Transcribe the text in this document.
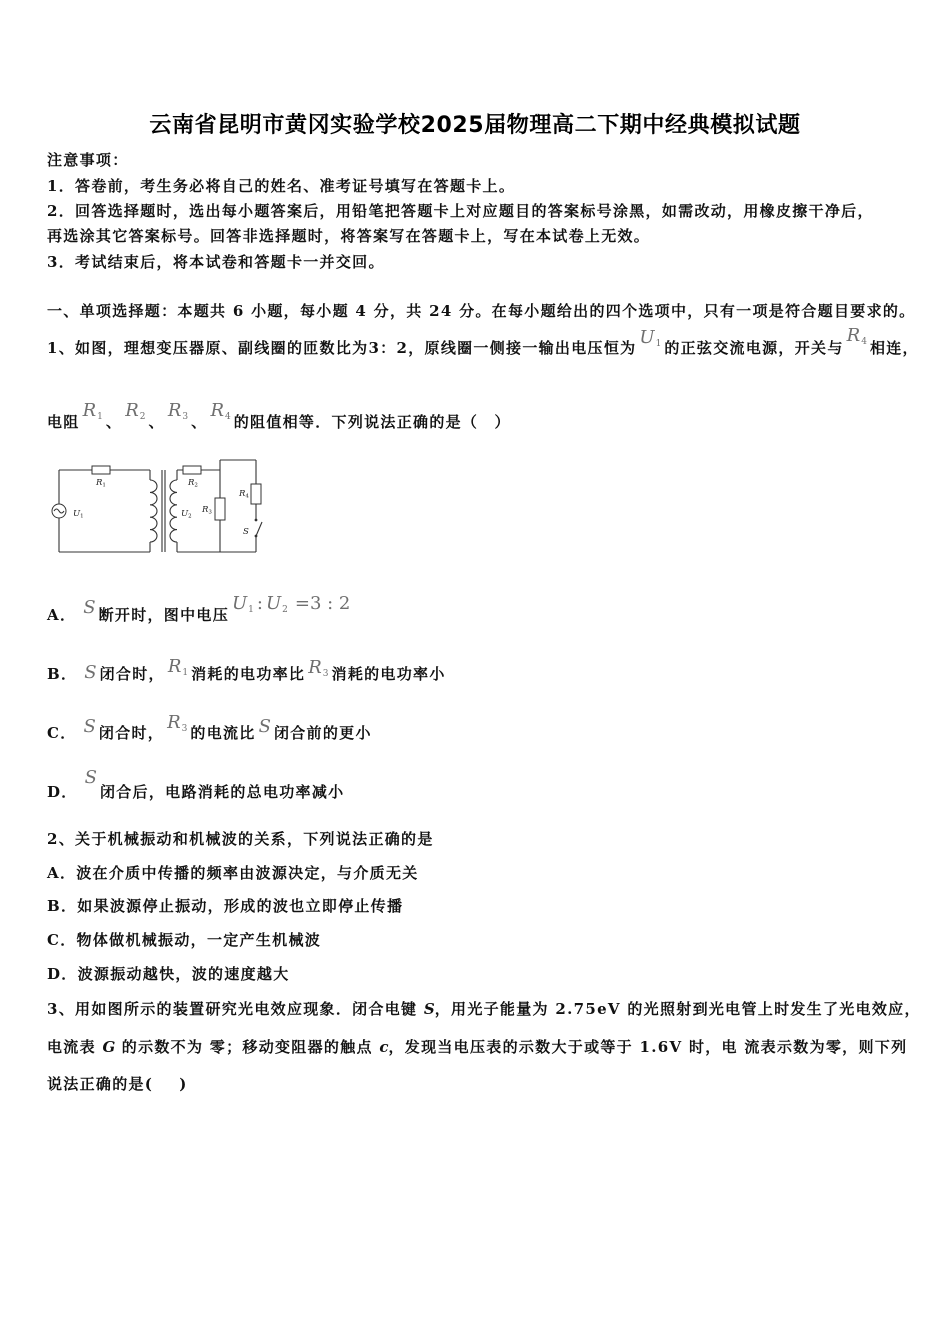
云南省昆明市黄冈实验学校2025届物理高二下期中经典模拟试题
注意事项：
1．答卷前，考生务必将自己的姓名、准考证号填写在答题卡上。
2．回答选择题时，选出每小题答案后，用铅笔把答题卡上对应题目的答案标号涂黑，如需改动，用橡皮擦干净后，
再选涂其它答案标号。回答非选择题时，将答案写在答题卡上，写在本试卷上无效。
3．考试结束后，将本试卷和答题卡一并交回。
一、单项选择题：本题共 6 小题，每小题 4 分，共 24 分。在每小题给出的四个选项中，只有一项是符合题目要求的。
1、如图，理想变压器原、副线圈的匝数比为3：2，原线圈一侧接一输出电压恒为 $U_1$ 的正弦交流电源，开关与
$R_4$ 相连，
电阻
$R_1$ 、
$R_2$ 、
$R_3$ 、
$R_4$ 的阻值相等．下列说法正确的是（　）
R1
U1	U2
R2
R3
R4
S
A． S 断开时，图中电压
$U_1$ : $U_2 =3$ : 2
B． S 闭合时， $R_1$ 消耗的电功率比 $R_3$ 消耗的电功率小
C． S 闭合时， $R_3$ 的电流比 S 闭合前的更小
D．
S
闭合后，电路消耗的总电功率减小
2、关于机械振动和机械波的关系，下列说法正确的是
A． 波在介质中传播的频率由波源决定，与介质无关
B． 如果波源停止振动，形成的波也立即停止传播
C． 物体做机械振动，一定产生机械波
D． 波源振动越快，波的速度越大
3、用如图所示的装置研究光电效应现象．闭合电键 S ，用光子能量为 2.75eV 的光照射到光电管上时发生了光电效应，
电流表 G 的示数不为 零；移动变阻器的触点 c ，发现当电压表的示数大于或等于 1.6V 时，电 流表示数为零，则下列
说法正确的是(    )
